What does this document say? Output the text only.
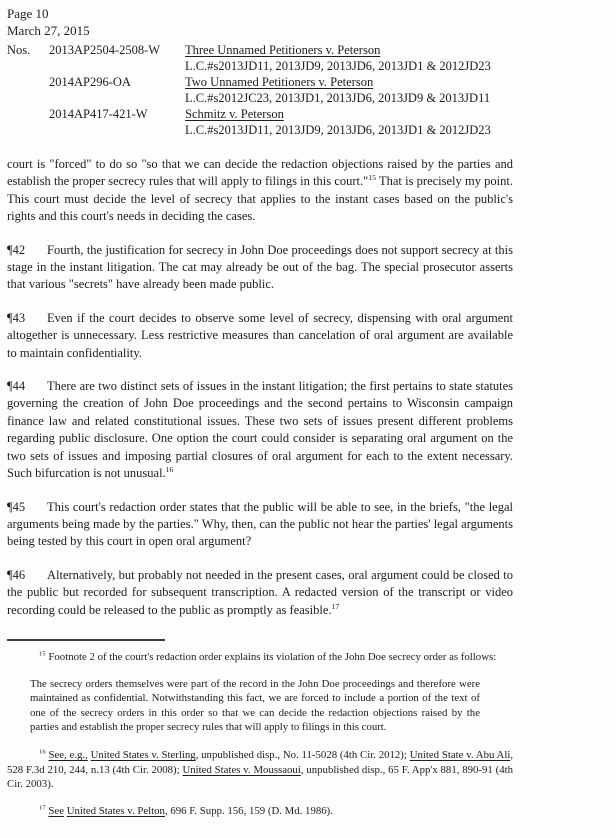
Page 10
March 27, 2015
Nos.	2013AP2504-2508-W	Three Unnamed Petitioners v. Peterson
L.C.#s2013JD11, 2013JD9, 2013JD6, 2013JD1 & 2012JD23
2014AP296-OA	Two Unnamed Petitioners v. Peterson
L.C.#s2012JC23, 2013JD1, 2013JD6, 2013JD9 & 2013JD11
2014AP417-421-W	Schmitz v. Peterson
L.C.#s2013JD11, 2013JD9, 2013JD6, 2013JD1 & 2012JD23

court is "forced" to do so "so that we can decide the redaction objections raised by the parties and establish the proper secrecy rules that will apply to filings in this court."$^{15}$ That is precisely my point. This court must decide the level of secrecy that applies to the instant cases based on the public's rights and this court's needs in deciding the cases.

¶42 Fourth, the justification for secrecy in John Doe proceedings does not support secrecy at this stage in the instant litigation. The cat may already be out of the bag. The special prosecutor asserts that various "secrets" have already been made public.

¶43 Even if the court decides to observe some level of secrecy, dispensing with oral argument altogether is unnecessary. Less restrictive measures than cancelation of oral argument are available to maintain confidentiality.

¶44 There are two distinct sets of issues in the instant litigation; the first pertains to state statutes governing the creation of John Doe proceedings and the second pertains to Wisconsin campaign finance law and related constitutional issues. These two sets of issues present different problems regarding public disclosure. One option the court could consider is separating oral argument on the two sets of issues and imposing partial closures of oral argument for each to the extent necessary. Such bifurcation is not unusual.$^{16}$

¶45 This court's redaction order states that the public will be able to see, in the briefs, "the legal arguments being made by the parties." Why, then, can the public not hear the parties' legal arguments being tested by this court in open oral argument?

¶46 Alternatively, but probably not needed in the present cases, oral argument could be closed to the public but recorded for subsequent transcription. A redacted version of the transcript or video recording could be released to the public as promptly as feasible.$^{17}$

$^{15}$ Footnote 2 of the court's redaction order explains its violation of the John Doe secrecy order as follows:

The secrecy orders themselves were part of the record in the John Doe proceedings and therefore were maintained as confidential. Notwithstanding this fact, we are forced to include a portion of the text of one of the secrecy orders in this order so that we can decide the redaction objections raised by the parties and establish the proper secrecy rules that will apply to filings in this court.

$^{16}$ See, e.g., United States v. Sterling, unpublished disp., No. 11-5028 (4th Cir. 2012); United State v. Abu Ali, 528 F.3d 210, 244, n.13 (4th Cir. 2008); United States v. Moussaoui, unpublished disp., 65 F. App'x 881, 890-91 (4th Cir. 2003).

$^{17}$ See United States v. Pelton, 696 F. Supp. 156, 159 (D. Md. 1986).
